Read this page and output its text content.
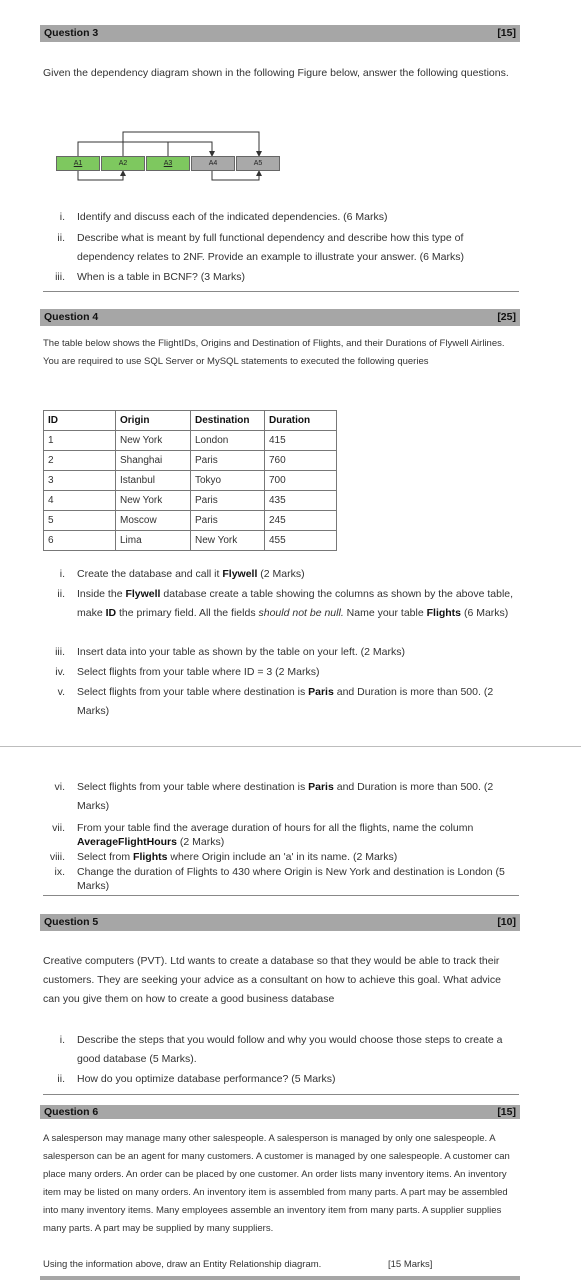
Question 3	[15]
Given the dependency diagram shown in the following Figure below, answer the following questions.
A1	A2	A3	A4	A5
i.	Identify and discuss each of the indicated dependencies. (6 Marks)
ii.	Describe what is meant by full functional dependency and describe how this type of dependency relates to 2NF. Provide an example to illustrate your answer. (6 Marks)
iii.	When is a table in BCNF? (3 Marks)
Question 4	[25]
The table below shows the FlightIDs, Origins and Destination of Flights, and their Durations of Flywell Airlines. You are required to use SQL Server or MySQL statements to executed the following queries
ID	Origin	Destination	Duration
1	New York	London	415
2	Shanghai	Paris	760
3	Istanbul	Tokyo	700
4	New York	Paris	435
5	Moscow	Paris	245
6	Lima	New York	455
i.	Create the database and call it Flywell (2 Marks)
ii.	Inside the Flywell database create a table showing the columns as shown by the above table, make ID the primary field. All the fields should not be null. Name your table Flights (6 Marks)
iii.	Insert data into your table as shown by the table on your left. (2 Marks)
iv.	Select flights from your table where ID = 3 (2 Marks)
v.	Select flights from your table where destination is Paris and Duration is more than 500. (2 Marks)
vi.	Select flights from your table where destination is Paris and Duration is more than 500. (2 Marks)
vii.	From your table find the average duration of hours for all the flights, name the column AverageFlightHours (2 Marks)
viii.	Select from Flights where Origin include an 'a' in its name. (2 Marks)
ix.	Change the duration of Flights to 430 where Origin is New York and destination is London (5 Marks)
Question 5	[10]
Creative computers (PVT). Ltd wants to create a database so that they would be able to track their customers. They are seeking your advice as a consultant on how to achieve this goal. What advice can you give them on how to create a good business database
i.	Describe the steps that you would follow and why you would choose those steps to create a good database (5 Marks).
ii.	How do you optimize database performance? (5 Marks)
Question 6	[15]
A salesperson may manage many other salespeople. A salesperson is managed by only one salespeople. A salesperson can be an agent for many customers. A customer is managed by one salespeople. A customer can place many orders. An order can be placed by one customer. An order lists many inventory items. An inventory item may be listed on many orders. An inventory item is assembled from many parts. A part may be assembled into many inventory items. Many employees assemble an inventory item from many parts. A supplier supplies many parts. A part may be supplied by many suppliers.
Using the information above, draw an Entity Relationship diagram.	[15 Marks]
